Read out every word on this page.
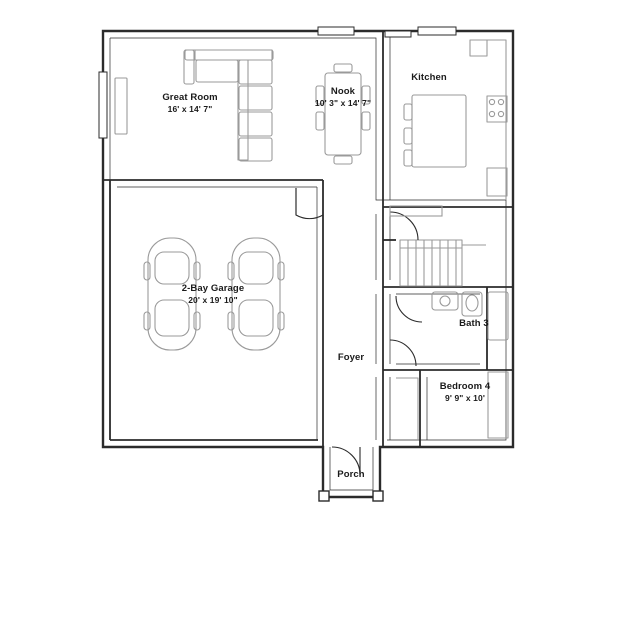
Great Room
16' x 14' 7"
Nook
10' 3" x 14' 7"
Kitchen
2-Bay Garage
20' x 19' 10"
Foyer
Bath 3
Bedroom 4
9' 9" x 10'
Porch
